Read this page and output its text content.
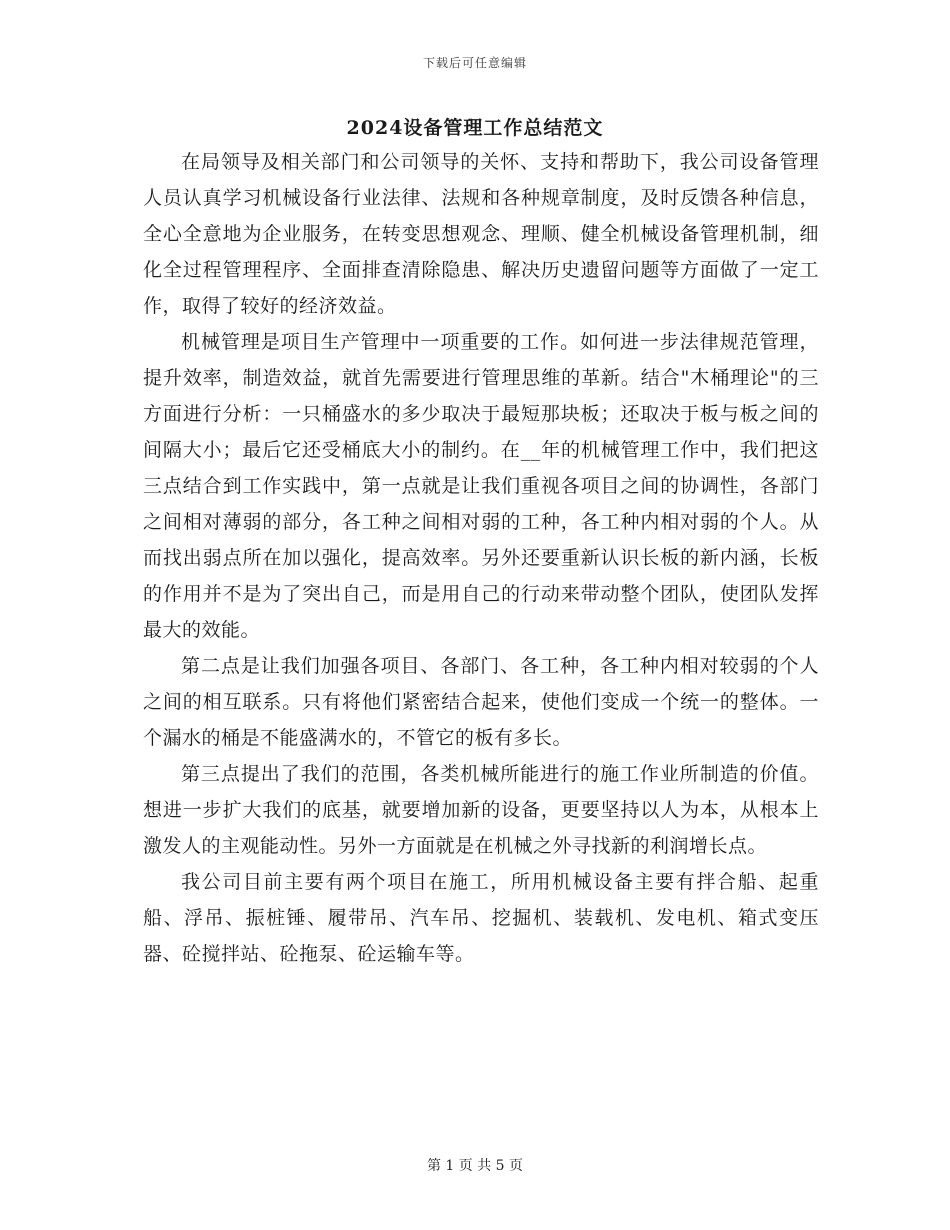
下载后可任意编辑
2024设备管理工作总结范文

在局领导及相关部门和公司领导的关怀、支持和帮助下，我公司设备管理人员认真学习机械设备行业法律、法规和各种规章制度，及时反馈各种信息，全心全意地为企业服务，在转变思想观念、理顺、健全机械设备管理机制，细化全过程管理程序、全面排查清除隐患、解决历史遗留问题等方面做了一定工作，取得了较好的经济效益。

机械管理是项目生产管理中一项重要的工作。如何进一步法律规范管理，提升效率，制造效益，就首先需要进行管理思维的革新。结合"木桶理论"的三方面进行分析：一只桶盛水的多少取决于最短那块板；还取决于板与板之间的间隔大小；最后它还受桶底大小的制约。在__年的机械管理工作中，我们把这三点结合到工作实践中，第一点就是让我们重视各项目之间的协调性，各部门之间相对薄弱的部分，各工种之间相对弱的工种，各工种内相对弱的个人。从而找出弱点所在加以强化，提高效率。另外还要重新认识长板的新内涵，长板的作用并不是为了突出自己，而是用自己的行动来带动整个团队，使团队发挥最大的效能。

第二点是让我们加强各项目、各部门、各工种，各工种内相对较弱的个人之间的相互联系。只有将他们紧密结合起来，使他们变成一个统一的整体。一个漏水的桶是不能盛满水的，不管它的板有多长。

第三点提出了我们的范围，各类机械所能进行的施工作业所制造的价值。想进一步扩大我们的底基，就要增加新的设备，更要坚持以人为本，从根本上激发人的主观能动性。另外一方面就是在机械之外寻找新的利润增长点。

我公司目前主要有两个项目在施工，所用机械设备主要有拌合船、起重船、浮吊、振桩锤、履带吊、汽车吊、挖掘机、装载机、发电机、箱式变压器、砼搅拌站、砼拖泵、砼运输车等。

第 1 页 共 5 页
